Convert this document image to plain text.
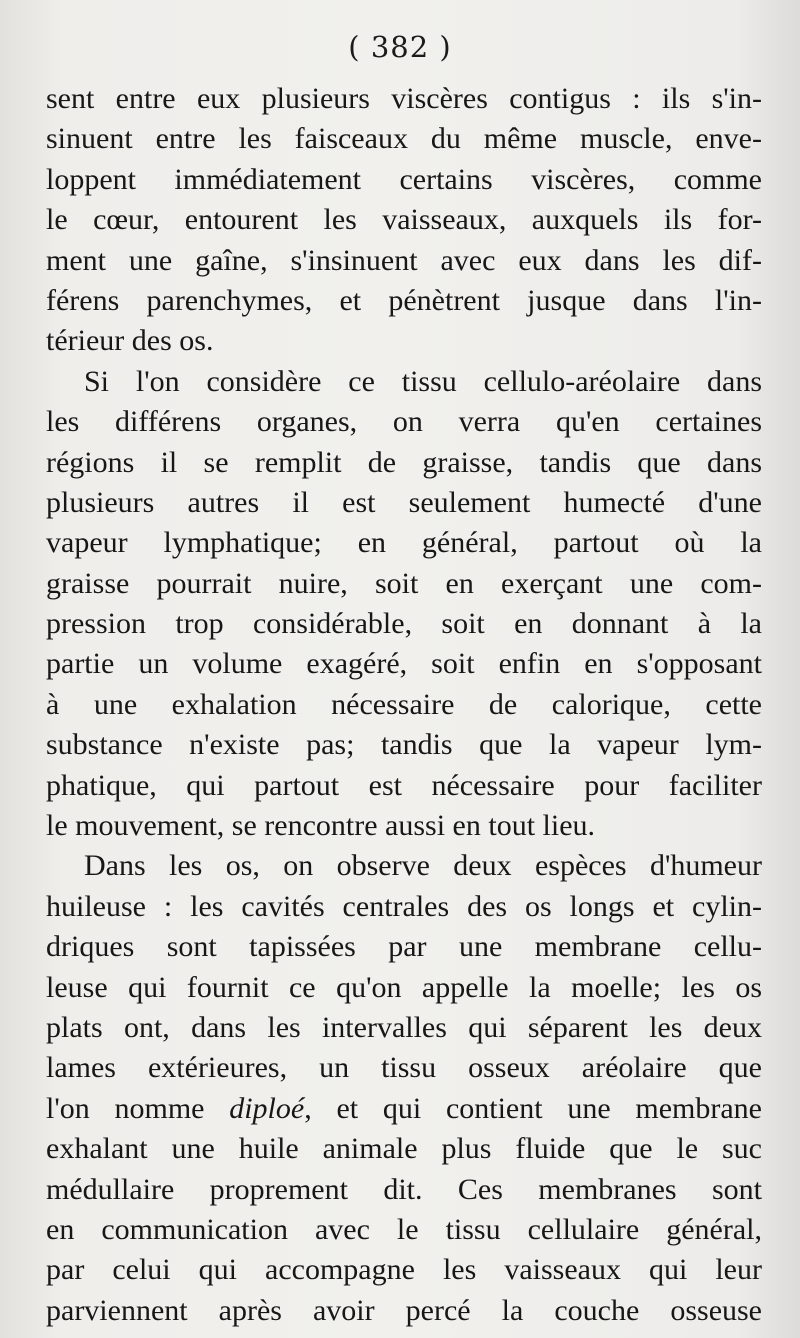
( 382 )
sent entre eux plusieurs viscères contigus : ils s'in-
sinuent entre les faisceaux du même muscle, enve-
loppent immédiatement certains viscères, comme
le cœur, entourent les vaisseaux, auxquels ils for-
ment une gaîne, s'insinuent avec eux dans les dif-
férens parenchymes, et pénètrent jusque dans l'in-
térieur des os.
Si l'on considère ce tissu cellulo-aréolaire dans
les différens organes, on verra qu'en certaines
régions il se remplit de graisse, tandis que dans
plusieurs autres il est seulement humecté d'une
vapeur lymphatique; en général, partout où la
graisse pourrait nuire, soit en exerçant une com-
pression trop considérable, soit en donnant à la
partie un volume exagéré, soit enfin en s'opposant
à une exhalation nécessaire de calorique, cette
substance n'existe pas; tandis que la vapeur lym-
phatique, qui partout est nécessaire pour faciliter
le mouvement, se rencontre aussi en tout lieu.
Dans les os, on observe deux espèces d'humeur
huileuse : les cavités centrales des os longs et cylin-
driques sont tapissées par une membrane cellu-
leuse qui fournit ce qu'on appelle la moelle; les os
plats ont, dans les intervalles qui séparent les deux
lames extérieures, un tissu osseux aréolaire que
l'on nomme diploé, et qui contient une membrane
exhalant une huile animale plus fluide que le suc
médullaire proprement dit. Ces membranes sont
en communication avec le tissu cellulaire général,
par celui qui accompagne les vaisseaux qui leur
parviennent après avoir percé la couche osseuse
